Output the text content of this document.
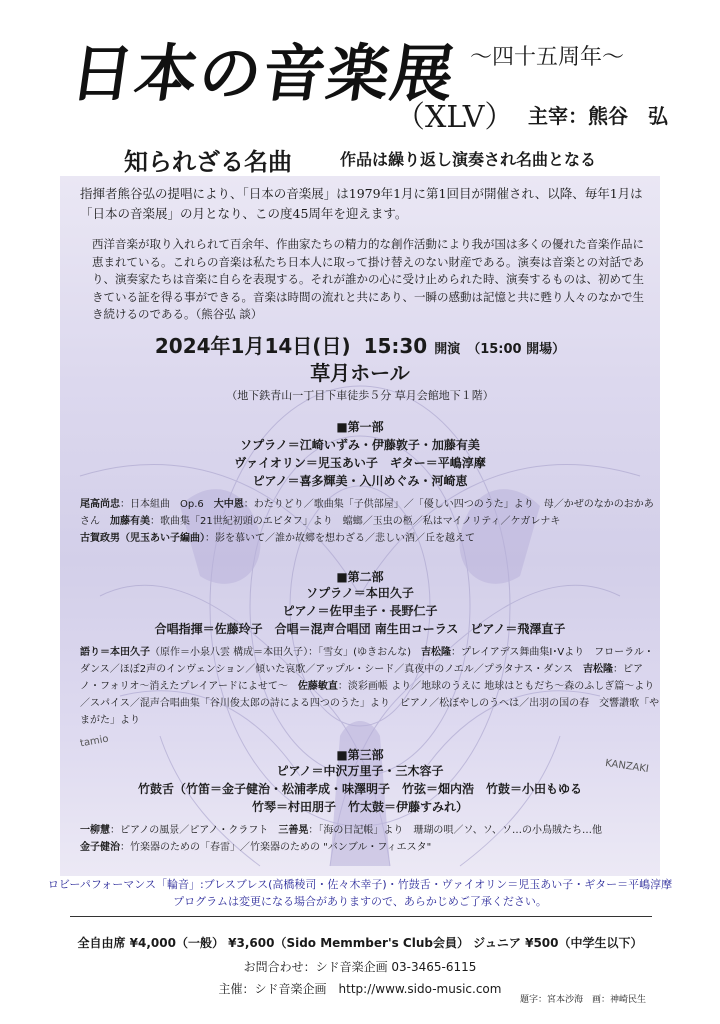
tamio
KANZAKI
日本の音楽展 ～四十五周年～
（XLV） 主宰：熊谷　弘
知られざる名曲	作品は繰り返し演奏され名曲となる
指揮者熊谷弘の提唱により、「日本の音楽展」は1979年1月に第1回目が開催され、以降、毎年1月は「日本の音楽展」の月となり、この度45周年を迎えます。
西洋音楽が取り入れられて百余年、作曲家たちの精力的な創作活動により我が国は多くの優れた音楽作品に恵まれている。これらの音楽は私たち日本人に取って掛け替えのない財産である。演奏は音楽との対話であり、演奏家たちは音楽に自らを表現する。それが誰かの心に受け止められた時、演奏するものは、初めて生きている証を得る事ができる。音楽は時間の流れと共にあり、一瞬の感動は記憶と共に甦り人々のなかで生き続けるのである。（熊谷弘 談）
2024年1月14日(日) 15:30 開演 （15:00 開場）
草月ホール
（地下鉄青山一丁目下車徒歩５分 草月会館地下１階）
■第一部
ソプラノ＝江崎いずみ・伊藤敦子・加藤有美
ヴァイオリン＝児玉あい子　ギター＝平嶋淳摩
ピアノ＝喜多輝美・入川めぐみ・河崎恵
尾高尚忠：日本組曲　Op.6　大中恩：わたりどり／歌曲集「子供部屋」／「優しい四つのうた」より　母／かぜのなかのおかあさん　加藤有美：歌曲集「21世紀初頭のエピタフ」より　蟷螂／玉虫の柩／私はマイノリティ／ケガレナキ
古賀政男（児玉あい子編曲）：影を慕いて／誰か故郷を想わざる／悲しい酒／丘を越えて
■第二部
ソプラノ＝本田久子
ピアノ＝佐甲圭子・長野仁子
合唱指揮＝佐藤玲子　合唱＝混声合唱団 南生田コーラス　ピアノ＝飛澤直子
語り＝本田久子（原作＝小泉八雲 構成＝本田久子）：「雪女」(ゆきおんな)　吉松隆：プレイアデス舞曲集Ⅰ･Ⅴより　フローラル・ダンス／ほぼ2声のインヴェンション／傾いた哀歌／アップル・シード／真夜中のノエル／プラタナス・ダンス　吉松隆：ピアノ・フォリオ〜消えたプレイアードによせて〜　佐藤敏直：淡彩画帳 より／地球のうえに 地球はともだち〜森のふしぎ篇〜より／スパイス／混声合唱曲集「谷川俊太郎の詩による四つのうた」より　ピアノ／松ぼやしのうへは／出羽の国の春　交響讃歌「やまがた」より
■第三部
ピアノ＝中沢万里子・三木容子
竹鼓舌（竹笛＝金子健治・松浦孝成・味澤明子　竹弦＝畑内浩　竹鼓＝小田もゆる
竹琴＝村田朋子　竹太鼓＝伊藤すみれ）
一柳慧：ピアノの風景／ピアノ・クラフト　三善晃：「海の日記帳」より　珊瑚の唄／ソ、ソ、ソ…の小鳥賊たち…他
金子健治：竹楽器のための「春雷」／竹楽器のための "バンブル・フィエスタ"
ロビーパフォーマンス「輪音」:ブレスブレス(高橋稜司・佐々木幸子)・竹鼓舌・ヴァイオリン＝児玉あい子・ギター＝平嶋淳摩
プログラムは変更になる場合がありますので、あらかじめご了承ください。
全自由席 ¥4,000（一般） ¥3,600（Sido Memmber's Club会員） ジュニア ¥500（中学生以下）
お問合わせ：シド音楽企画 03-3465-6115
主催：シド音楽企画　http://www.sido-music.com
題字：宮本沙海　画：神崎民生
